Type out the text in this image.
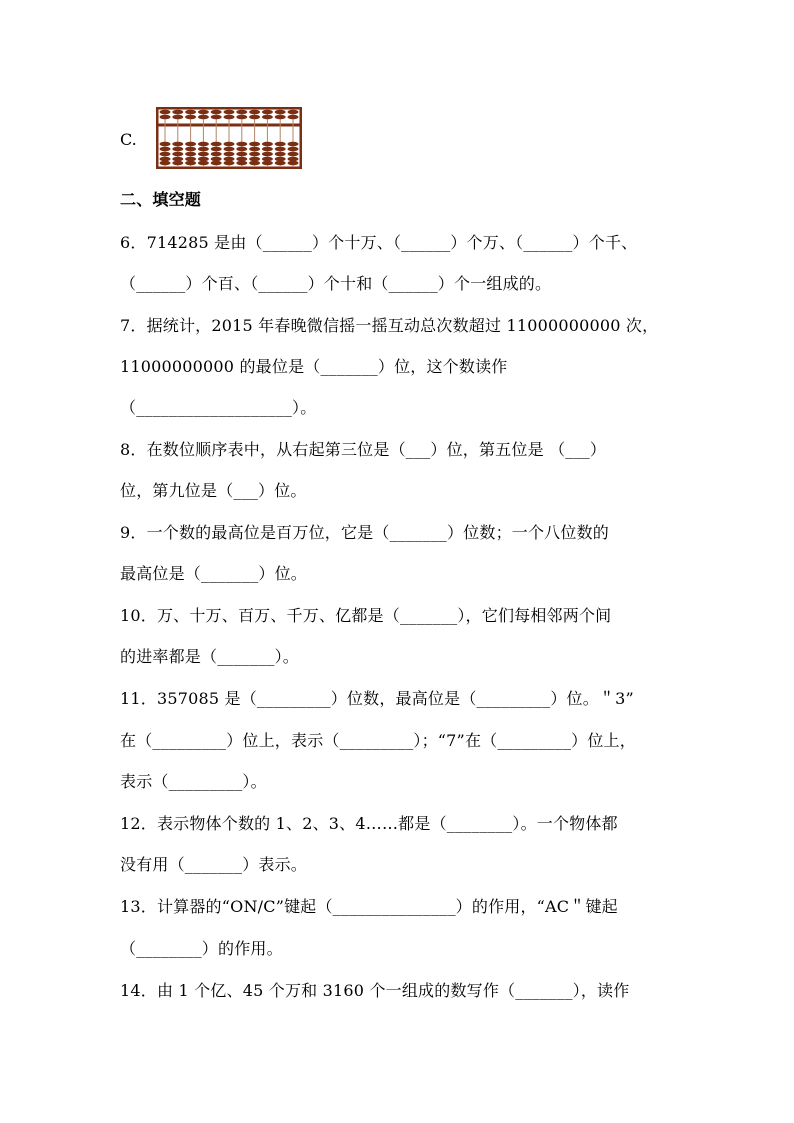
C.
二、填空题
6．714285 是由（______）个十万、（______）个万、（______）个千、
（______）个百、（______）个十和（______）个一组成的。
7．据统计，2015 年春晚微信摇一摇互动总次数超过 11000000000 次，
11000000000 的最位是（_______）位，这个数读作
（___________________）。
8．在数位顺序表中，从右起第三位是（___）位，第五位是 （___）
位，第九位是（___）位。
9．一个数的最高位是百万位，它是（_______）位数；一个八位数的
最高位是（_______）位。
10．万、十万、百万、千万、亿都是（_______），它们每相邻两个间
的进率都是（_______）。
11．357085 是（_________）位数，最高位是（_________）位。＂3”
在（_________）位上，表示（_________）；“7”在（_________）位上，
表示（_________）。
12．表示物体个数的 1、2、3、4……都是（________）。一个物体都
没有用（_______）表示。
13．计算器的“ON/C”键起（_______________）的作用，“AC＂键起
（________）的作用。
14．由 1 个亿、45 个万和 3160 个一组成的数写作（_______），读作
